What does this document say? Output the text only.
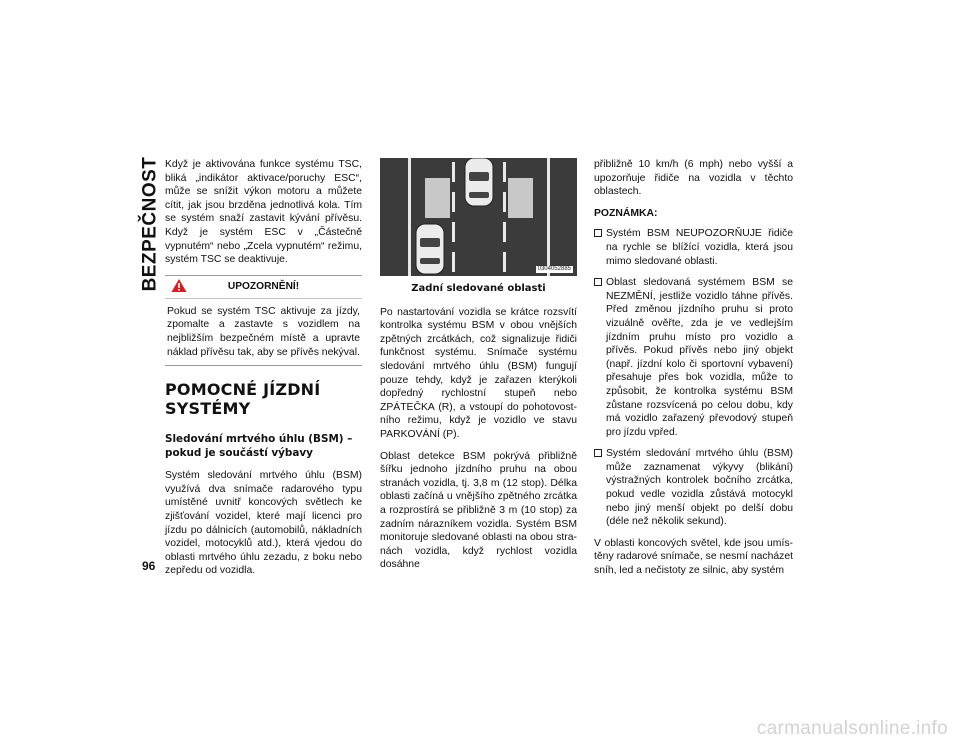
BEZPEČNOST
96

Když je aktivována funkce systému TSC, bliká „indikátor aktivace/poruchy ESC“, může se snížit výkon motoru a můžete cítit, jak jsou brzděna jednotlivá kola. Tím se systém snaží zastavit kývání přívěsu. Když je systém ESC v „Částečně vypnutém“ nebo „Zcela vypnutém“ režimu, systém TSC se deaktivuje.

UPOZORNĚNÍ!
Pokud se systém TSC aktivuje za jízdy, zpomalte a zastavte s vozidlem na nejbližším bezpečném místě a upravte náklad přívěsu tak, aby se přívěs nekýval.
POMOCNÉ JÍZDNÍ SYSTÉMY
Sledování mrtvého úhlu (BSM) – pokud je součástí výbavy

Systém sledování mrtvého úhlu (BSM) využívá dva snímače radarového typu umístěné uvnitř koncových světlech ke zjišťování vozidel, které mají licenci pro jízdu po dálnicích (automobilů, nákladních vozidel, motocyklů atd.), která vjedou do oblasti mrtvého úhlu zezadu, z boku nebo zepředu od vozidla.

0304052885
Zadní sledované oblasti

Po nastartování vozidla se krátce rozsvítí kontrolka systému BSM v obou vnějších zpětných zrcátkách, což signalizuje řidiči funkčnost systému. Snímače systému sledování mrtvého úhlu (BSM) fungují pouze tehdy, když je zařazen kterýkoli dopředný rychlostní stupeň nebo ZPÁTEČKA (R), a vstoupí do pohotovostního režimu, když je vozidlo ve stavu PARKOVÁNÍ (P).

Oblast detekce BSM pokrývá přibližně šířku jednoho jízdního pruhu na obou stranách vozidla, tj. 3,8 m (12 stop). Délka oblasti začíná u vnějšího zpětného zrcátka a rozprostírá se přibližně 3 m (10 stop) za zadním nárazníkem vozidla. Systém BSM monitoruje sledované oblasti na obou stranách vozidla, když rychlost vozidla dosáhne

přibližně 10 km/h (6 mph) nebo vyšší a upozorňuje řidiče na vozidla v těchto oblastech.

POZNÁMKA:
Systém BSM NEUPOZORŇUJE řidiče na rychle se blížící vozidla, která jsou mimo sledované oblasti.
Oblast sledovaná systémem BSM se NEZMĚNÍ, jestliže vozidlo táhne přívěs. Před změnou jízdního pruhu si proto vizuálně ověřte, zda je ve vedlejším jízdním pruhu místo pro vozidlo a přívěs. Pokud přívěs nebo jiný objekt (např. jízdní kolo či sportovní vybavení) přesahuje přes bok vozidla, může to způsobit, že kontrolka systému BSM zůstane rozsvícená po celou dobu, kdy má vozidlo zařazený převodový stupeň pro jízdu vpřed.
Systém sledování mrtvého úhlu (BSM) může zaznamenat výkyvy (blikání) výstražných kontrolek bočního zrcátka, pokud vedle vozidla zůstává motocykl nebo jiný menší objekt po delší dobu (déle než několik sekund).

V oblasti koncových světel, kde jsou umístěny radarové snímače, se nesmí nacházet sníh, led a nečistoty ze silnic, aby systém

carmanualsonline.info
